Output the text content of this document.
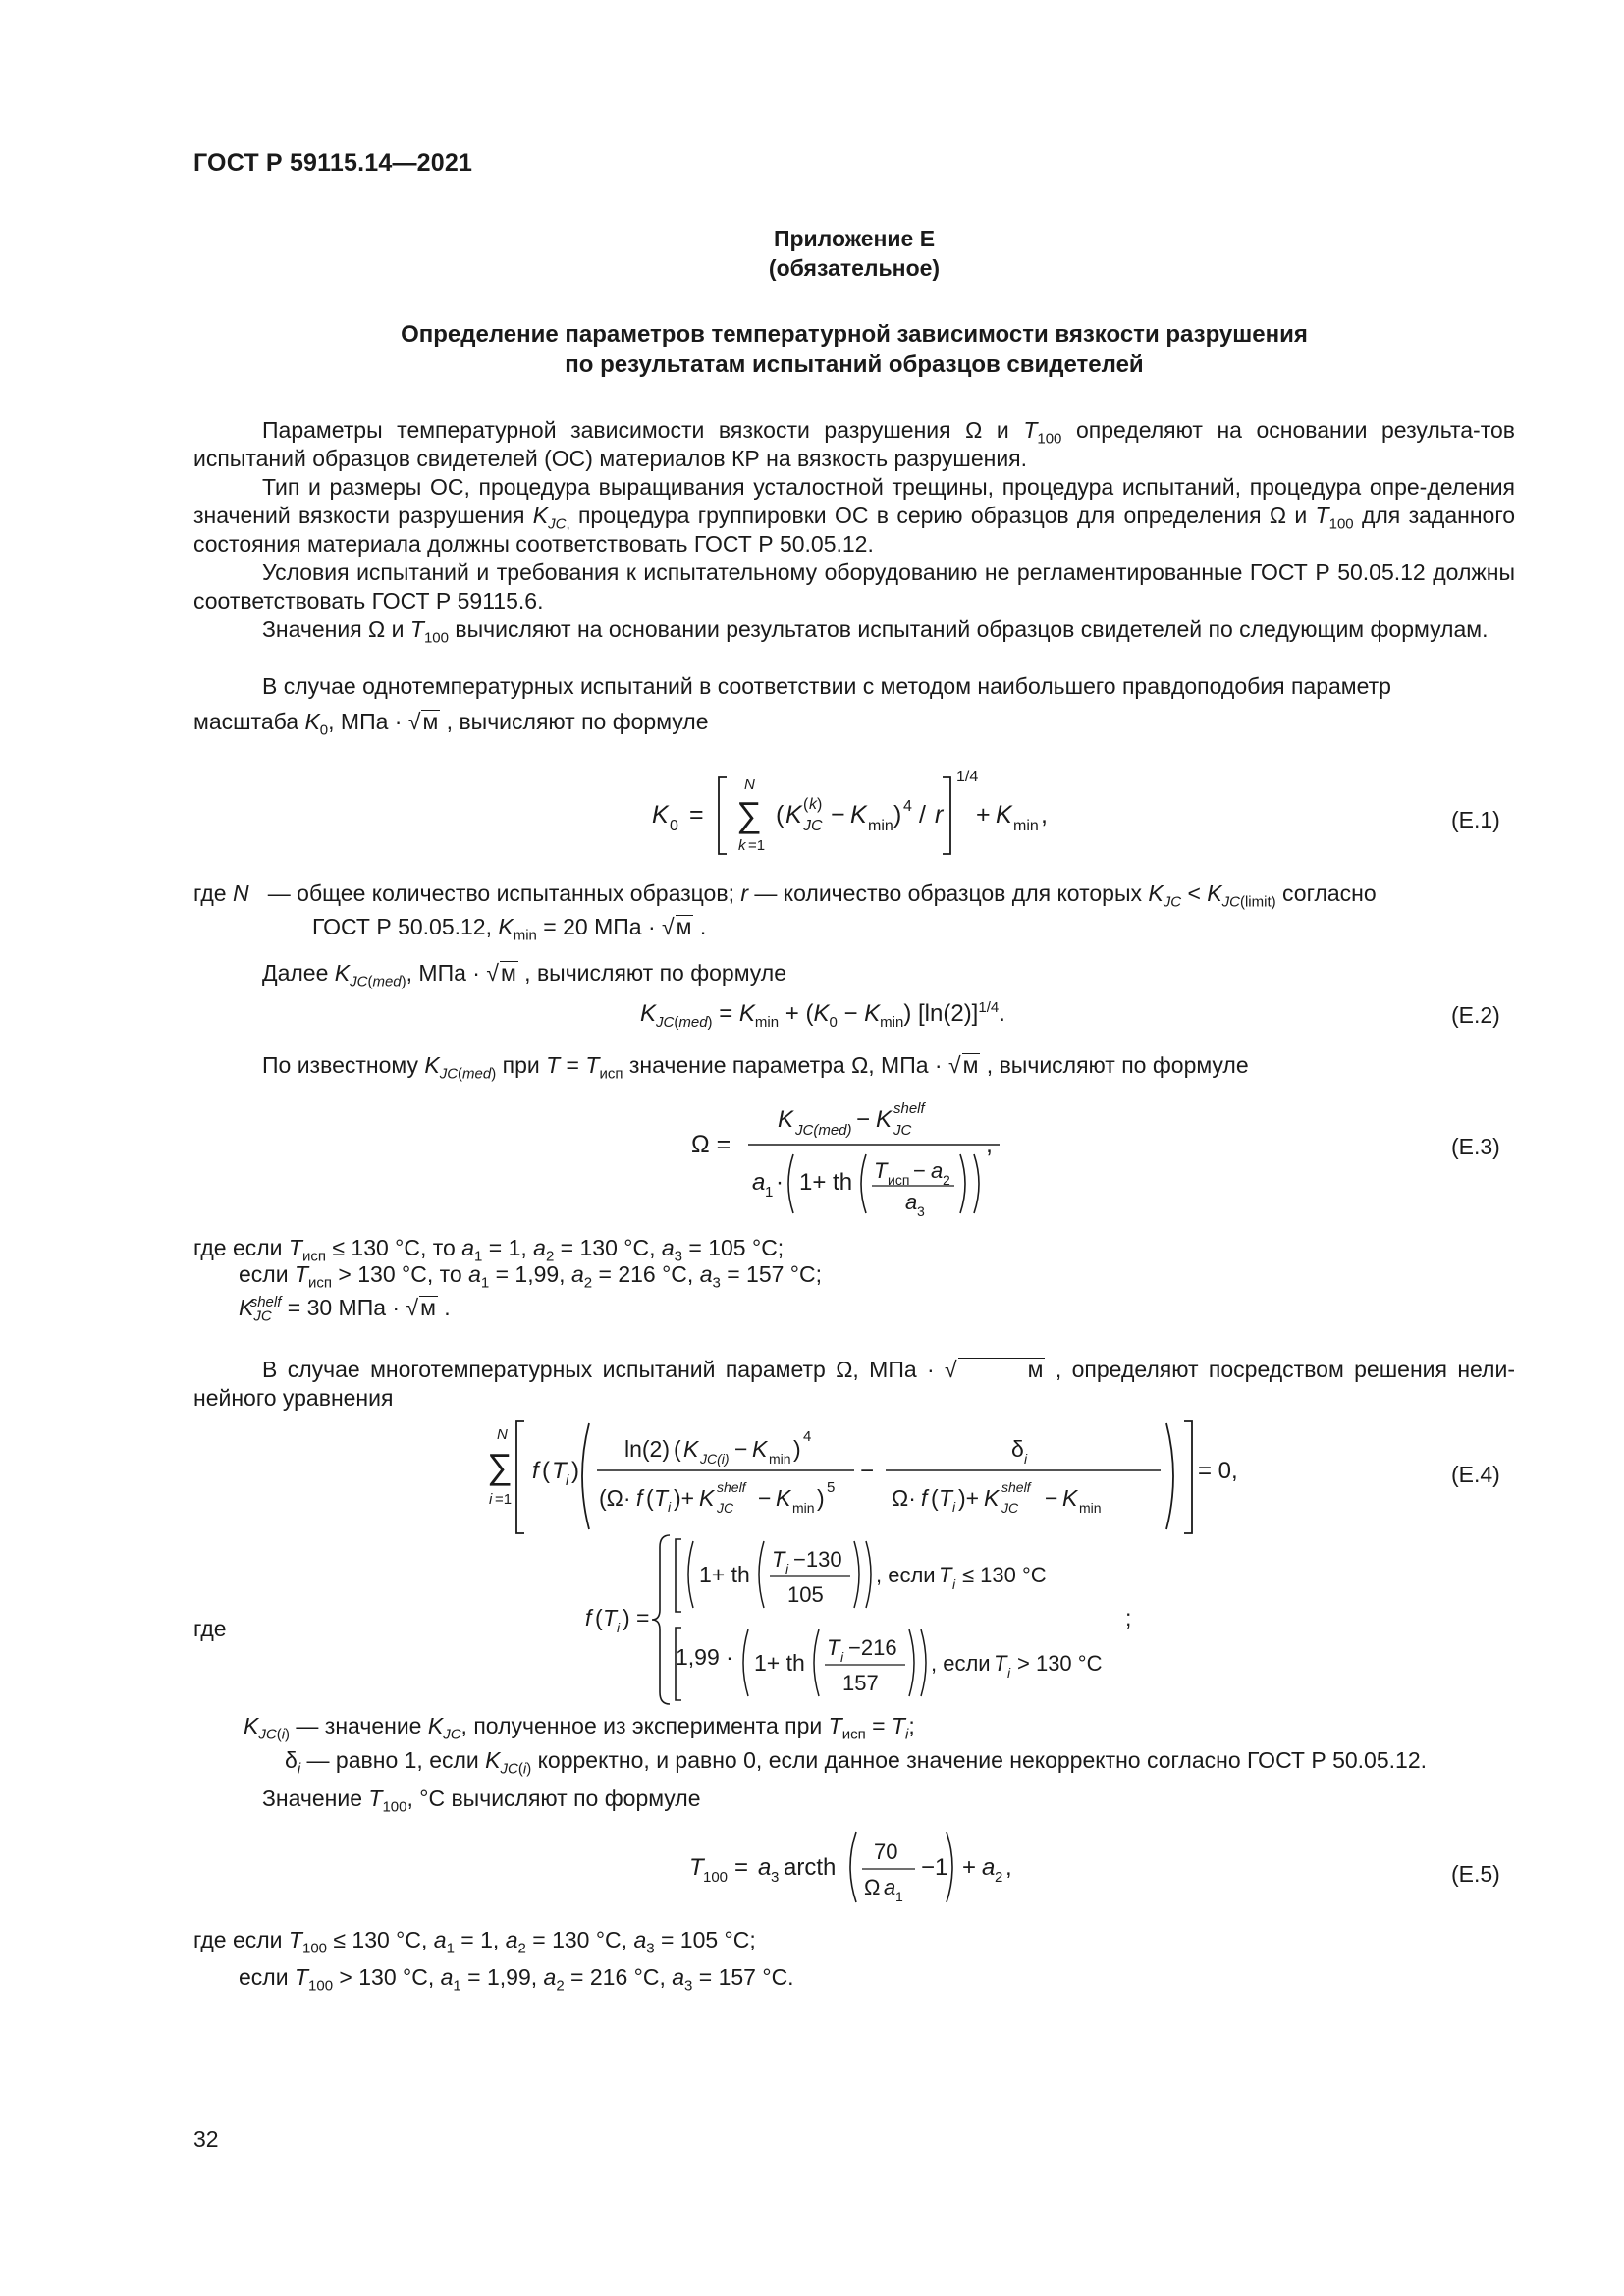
ГОСТ Р 59115.14—2021
Приложение Е
(обязательное)
Определение параметров температурной зависимости вязкости разрушения
по результатам испытаний образцов свидетелей

Параметры температурной зависимости вязкости разрушения Ω и $T_{100}$ определяют на основании результа-тов испытаний образцов свидетелей (ОС) материалов КР на вязкость разрушения.

Тип и размеры ОС, процедура выращивания усталостной трещины, процедура испытаний, процедура опре-деления значений вязкости разрушения $K_{JC,}$ процедура группировки ОС в серию образцов для определения Ω и $T_{100}$ для заданного состояния материала должны соответствовать ГОСТ Р 50.05.12.

Условия испытаний и требования к испытательному оборудованию не регламентированные ГОСТ Р 50.05.12 должны соответствовать ГОСТ Р 59115.6.

Значения Ω и $T_{100}$ вычисляют на основании результатов испытаний образцов свидетелей по следующим формулам.

В случае однотемпературных испытаний в соответствии с методом наибольшего правдоподобия параметр

масштаба $K_0$, МПа · √м , вычисляют по формуле
K 0 =
N
∑
k =1
( K JC
( k ) − K min ) 4 / r
1/4
+ K min ,	(Е.1)
где N   — общее количество испытанных образцов; r — количество образцов для которых $K_{JC} < K_{JC(limit)}$ согласно
ГОСТ Р 50.05.12, $K_{min} = 20$ МПа · √м .
Далее $K_{JC(med)}$, МПа · √м , вычисляют по формуле
$K_{JC(med)} = K_{min} + (K_0 - K_{min})$ $[\ln(2)]^{1/4}$.	(Е.2)
По известному $K_{JC(med)}$ при $T = T_{исп}$ значение параметра Ω, МПа · √м , вычисляют по формуле
Ω =
K JC(med) − K JC
shelf
a 1 · 1+ th T исп − a 2
a 3
,	(Е.3)
где если $T_{исп} \le 130$ °C, то $a_1 = 1$, $a_2 = 130$ °C, $a_3 = 105$ °C;
если $T_{исп} > 130$ °C, то $a_1 = 1,99$, $a_2 = 216$ °C, $a_3 = 157$ °C;
$K_{JC}^{shelf} = 30$ МПа · √м .

В случае многотемпературных испытаний параметр Ω, МПа · √	м , определяют посредством решения нели-нейного уравнения

N
∑
i =1
f ( T i )
ln(2) ( K JC(i) − K min ) 4
(Ω· f ( T i )+ K JC
shelf − K min ) 5
−
δ i
Ω· f ( T i )+ K JC
shelf − K min
= 0,	(Е.4)
где	f ( T i ) =
1+ th
T i −130
105
, если T i ≤ 130 °C
1,99 · 1+ th
T i −216
157
, если T i > 130 °C
;
$K_{JC(i)}$ — значение $K_{JC}$, полученное из эксперимента при $T_{исп} = T_i$;
$\delta_i$ — равно 1, если $K_{JC(i)}$ корректно, и равно 0, если данное значение некорректно согласно ГОСТ Р 50.05.12.
Значение $T_{100}$, °C вычисляют по формуле
T 100 = a 3 arcth
70
Ω a 1
−1 + a 2 ,	(Е.5)
где если $T_{100} \le 130$ °C, $a_1 = 1$, $a_2 = 130$ °C, $a_3 = 105$ °C;
если $T_{100} > 130$ °C, $a_1 = 1,99$, $a_2 = 216$ °C, $a_3 = 157$ °C.
32
